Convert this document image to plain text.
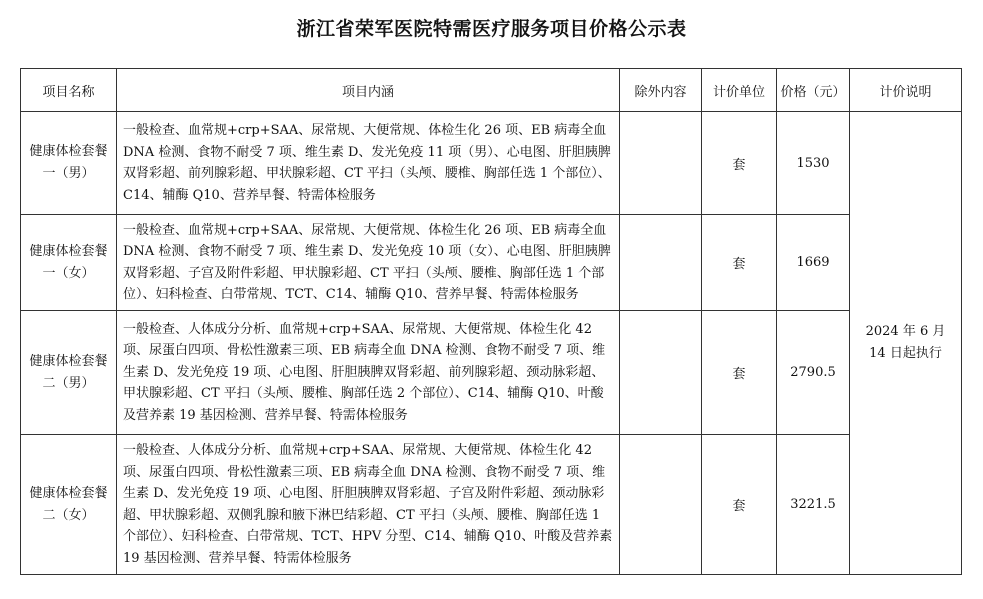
浙江省荣军医院特需医疗服务项目价格公示表
项目名称	项目内涵	除外内容	计价单位	价格（元）	计价说明
健康体检套餐一（男）	一般检查、血常规+crp+SAA、尿常规、大便常规、体检生化 26 项、EB 病毒全血 DNA 检测、食物不耐受 7 项、维生素 D、发光免疫 11 项（男）、心电图、肝胆胰脾双肾彩超、前列腺彩超、甲状腺彩超、CT 平扫（头颅、腰椎、胸部任选 1 个部位）、C14、辅酶 Q10、营养早餐、特需体检服务		套	1530	2024 年 6 月 14 日起执行
健康体检套餐一（女）	一般检查、血常规+crp+SAA、尿常规、大便常规、体检生化 26 项、EB 病毒全血 DNA 检测、食物不耐受 7 项、维生素 D、发光免疫 10 项（女）、心电图、肝胆胰脾双肾彩超、子宫及附件彩超、甲状腺彩超、CT 平扫（头颅、腰椎、胸部任选 1 个部位）、妇科检查、白带常规、TCT、C14、辅酶 Q10、营养早餐、特需体检服务		套	1669	
健康体检套餐二（男）	一般检查、人体成分分析、血常规+crp+SAA、尿常规、大便常规、体检生化 42 项、尿蛋白四项、骨松性激素三项、EB 病毒全血 DNA 检测、食物不耐受 7 项、维生素 D、发光免疫 19 项、心电图、肝胆胰脾双肾彩超、前列腺彩超、颈动脉彩超、甲状腺彩超、CT 平扫（头颅、腰椎、胸部任选 2 个部位）、C14、辅酶 Q10、叶酸及营养素 19 基因检测、营养早餐、特需体检服务		套	2790.5	
健康体检套餐二（女）	一般检查、人体成分分析、血常规+crp+SAA、尿常规、大便常规、体检生化 42 项、尿蛋白四项、骨松性激素三项、EB 病毒全血 DNA 检测、食物不耐受 7 项、维生素 D、发光免疫 19 项、心电图、肝胆胰脾双肾彩超、子宫及附件彩超、颈动脉彩超、甲状腺彩超、双侧乳腺和腋下淋巴结彩超、CT 平扫（头颅、腰椎、胸部任选 1 个部位）、妇科检查、白带常规、TCT、HPV 分型、C14、辅酶 Q10、叶酸及营养素 19 基因检测、营养早餐、特需体检服务		套	3221.5	
